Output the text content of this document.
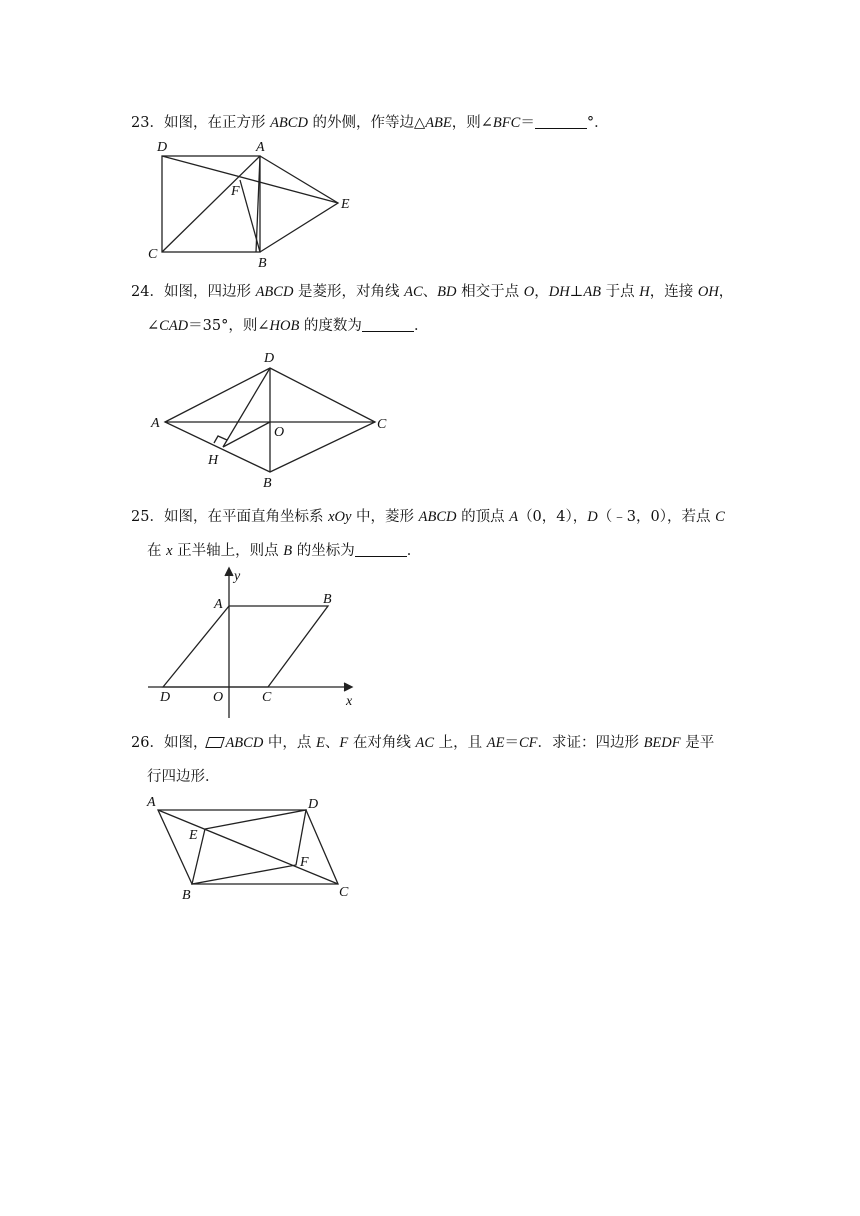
23．如图，在正方形 ABCD 的外侧，作等边△ABE，则∠BFC＝	°．
D	A
F
E
C
B
24．如图，四边形 ABCD 是菱形，对角线 AC、BD 相交于点 O，DH⊥AB 于点 H，连接 OH，
∠CAD＝35°，则∠HOB 的度数为	．
D
A
O
C
H
B
25．如图，在平面直角坐标系 xOy 中，菱形 ABCD 的顶点 A（0，4），D（﹣3，0），若点 C
在 x 正半轴上，则点 B 的坐标为	．
y
A	B
D	O	C	x
26．如图， ABCD 中，点 E、F 在对角线 AC 上，且 AE＝CF．求证：四边形 BEDF 是平
行四边形．
A	D
E
F
B	C
